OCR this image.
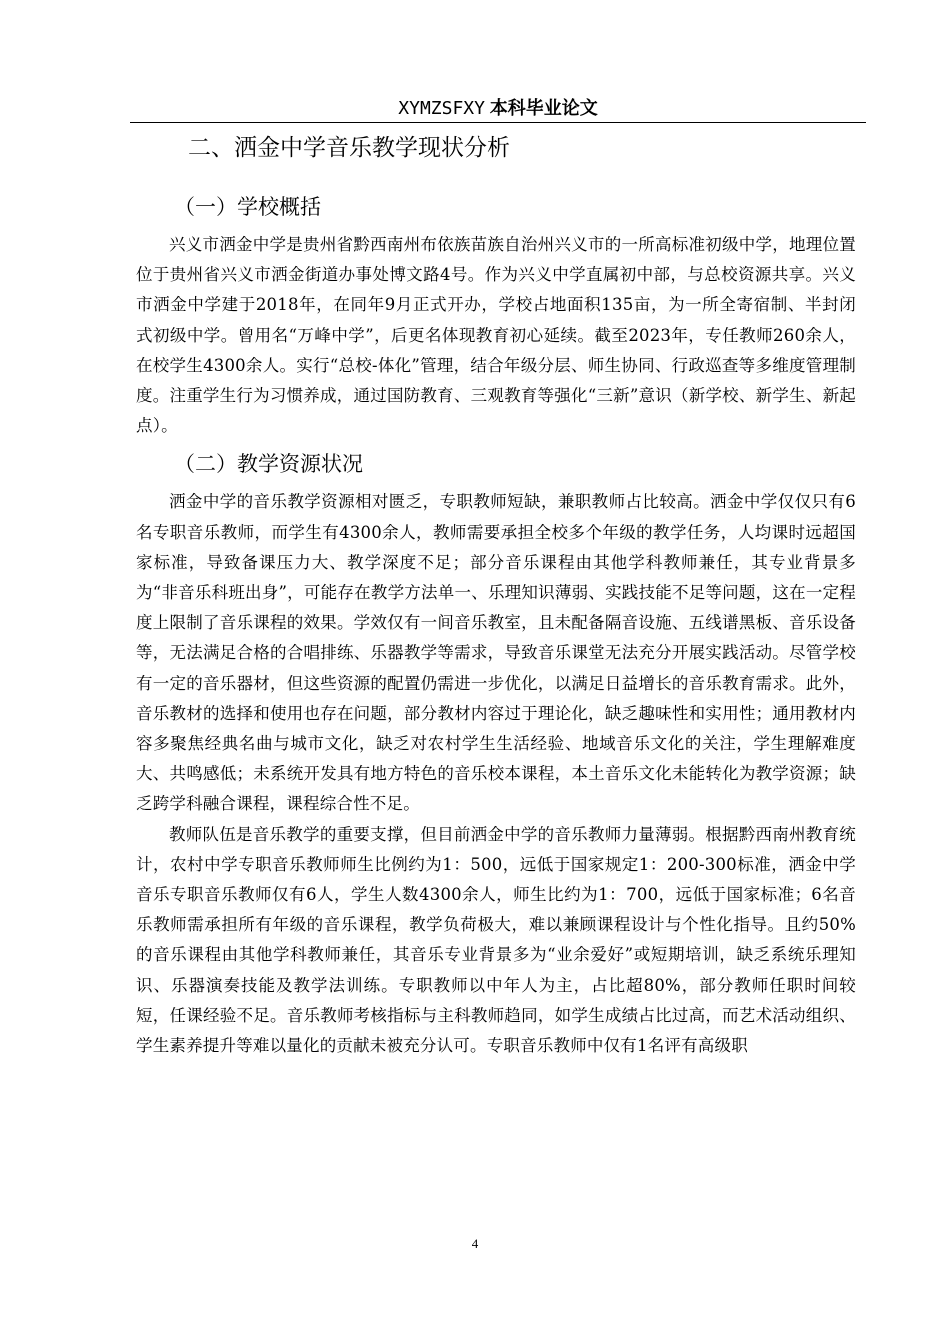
XYMZSFXY 本科毕业论文
二、洒金中学音乐教学现状分析
（一）学校概括

兴义市洒金中学是贵州省黔西南州布依族苗族自治州兴义市的一所高标准初级中学，地理位置位于贵州省兴义市洒金街道办事处博文路4号。作为兴义中学直属初中部，与总校资源共享。兴义市洒金中学建于2018年，在同年9月正式开办，学校占地面积135亩，为一所全寄宿制、半封闭式初级中学。曾用名“万峰中学”，后更名体现教育初心延续。截至2023年，专任教师260余人，在校学生4300余人。实行“总校-体化”管理，结合年级分层、师生协同、行政巡查等多维度管理制度。注重学生行为习惯养成，通过国防教育、三观教育等强化“三新”意识（新学校、新学生、新起点）。

（二）教学资源状况

洒金中学的音乐教学资源相对匮乏，专职教师短缺，兼职教师占比较高。洒金中学仅仅只有6名专职音乐教师，而学生有4300余人，教师需要承担全校多个年级的教学任务，人均课时远超国家标准，导致备课压力大、教学深度不足；部分音乐课程由其他学科教师兼任，其专业背景多为“非音乐科班出身”，可能存在教学方法单一、乐理知识薄弱、实践技能不足等问题，这在一定程度上限制了音乐课程的效果。学效仅有一间音乐教室，且未配备隔音设施、五线谱黑板、音乐设备等，无法满足合格的合唱排练、乐器教学等需求，导致音乐课堂无法充分开展实践活动。尽管学校有一定的音乐器材，但这些资源的配置仍需进一步优化，以满足日益增长的音乐教育需求。此外，音乐教材的选择和使用也存在问题，部分教材内容过于理论化，缺乏趣味性和实用性；通用教材内容多聚焦经典名曲与城市文化，缺乏对农村学生生活经验、地域音乐文化的关注，学生理解难度大、共鸣感低；未系统开发具有地方特色的音乐校本课程，本土音乐文化未能转化为教学资源；缺乏跨学科融合课程，课程综合性不足。

教师队伍是音乐教学的重要支撑，但目前洒金中学的音乐教师力量薄弱。根据黔西南州教育统计，农村中学专职音乐教师师生比例约为1：500，远低于国家规定1：200-300标准，洒金中学音乐专职音乐教师仅有6人，学生人数4300余人，师生比约为1：700，远低于国家标准；6名音乐教师需承担所有年级的音乐课程，教学负荷极大，难以兼顾课程设计与个性化指导。且约50%的音乐课程由其他学科教师兼任，其音乐专业背景多为“业余爱好”或短期培训，缺乏系统乐理知识、乐器演奏技能及教学法训练。专职教师以中年人为主，占比超80%，部分教师任职时间较短，任课经验不足。音乐教师考核指标与主科教师趋同，如学生成绩占比过高，而艺术活动组织、学生素养提升等难以量化的贡献未被充分认可。专职音乐教师中仅有1名评有高级职

4
